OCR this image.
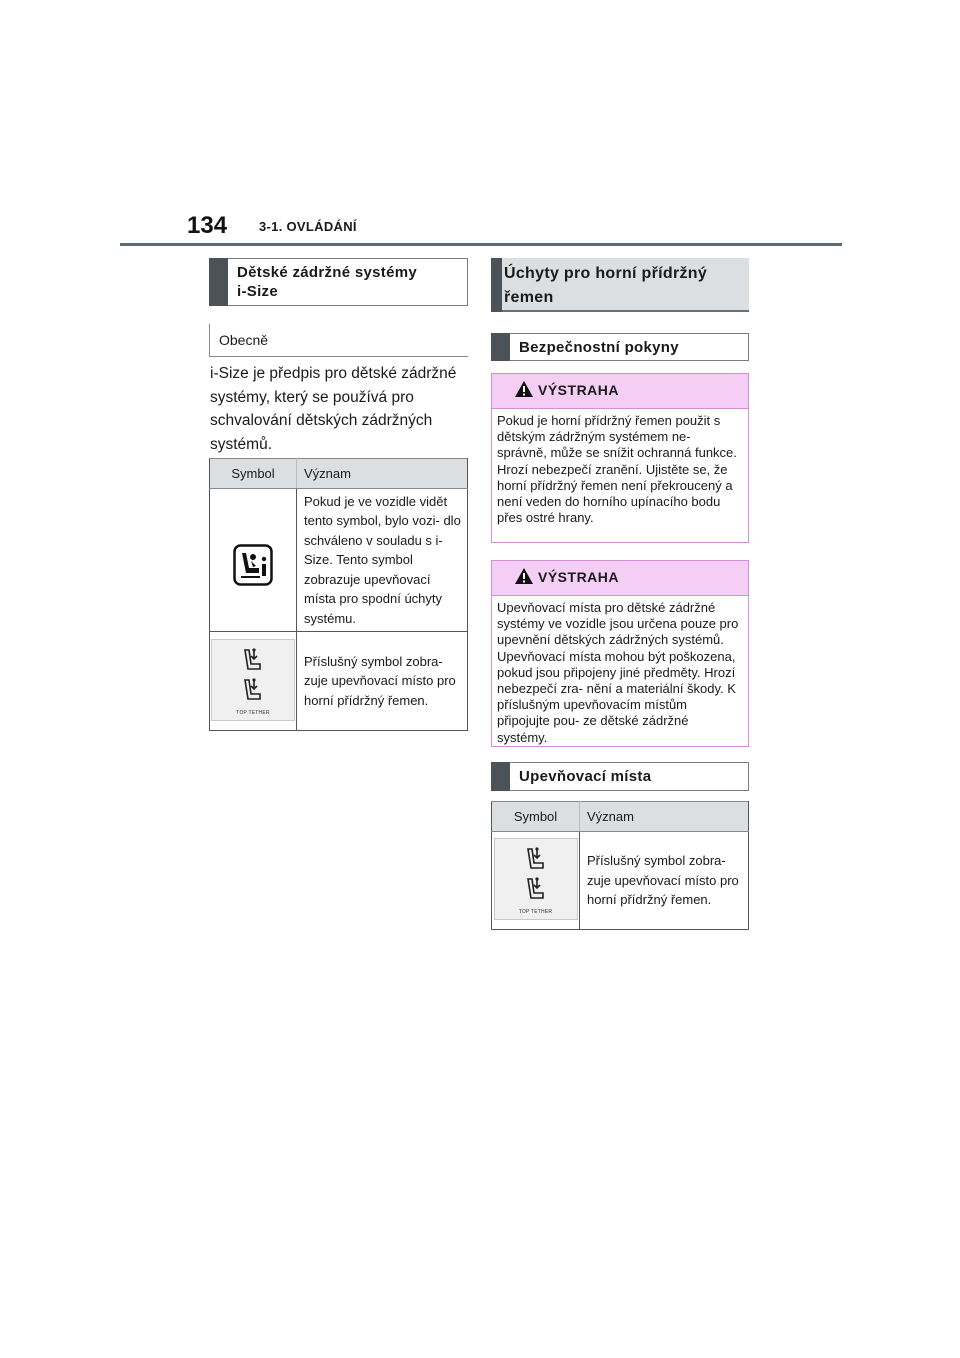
134 3-1. OVLÁDÁNÍ
Dětské zádržné systémy
i-Size
Obecně
i-Size je předpis pro dětské zádržné systémy, který se používá pro schvalování dětských zádržných systémů.
Symbol	Význam

	Pokud je ve vozidle vidět tento symbol, bylo vozi- dlo schváleno v souladu s i-Size. Tento symbol zobrazuje upevňovací místa pro spodní úchyty systému.

TOP TETHER	Příslušný symbol zobra- zuje upevňovací místo pro horní přídržný řemen.
Úchyty pro horní přídržný
řemen
Bezpečnostní pokyny
VÝSTRAHA
Pokud je horní přídržný řemen použit s dětským zádržným systémem ne- správně, může se snížit ochranná funkce. Hrozí nebezpečí zranění. Ujistěte se, že horní přídržný řemen není překroucený a není veden do horního upínacího bodu přes ostré hrany.
VÝSTRAHA
Upevňovací místa pro dětské zádržné systémy ve vozidle jsou určena pouze pro upevnění dětských zádržných systémů. Upevňovací místa mohou být poškozena, pokud jsou připojeny jiné předměty. Hrozí nebezpečí zra- nění a materiální škody. K příslušným upevňovacím místům připojujte pou- ze dětské zádržné systémy.
Upevňovací místa
Symbol	Význam

TOP TETHER	Příslušný symbol zobra- zuje upevňovací místo pro horní přídržný řemen.
